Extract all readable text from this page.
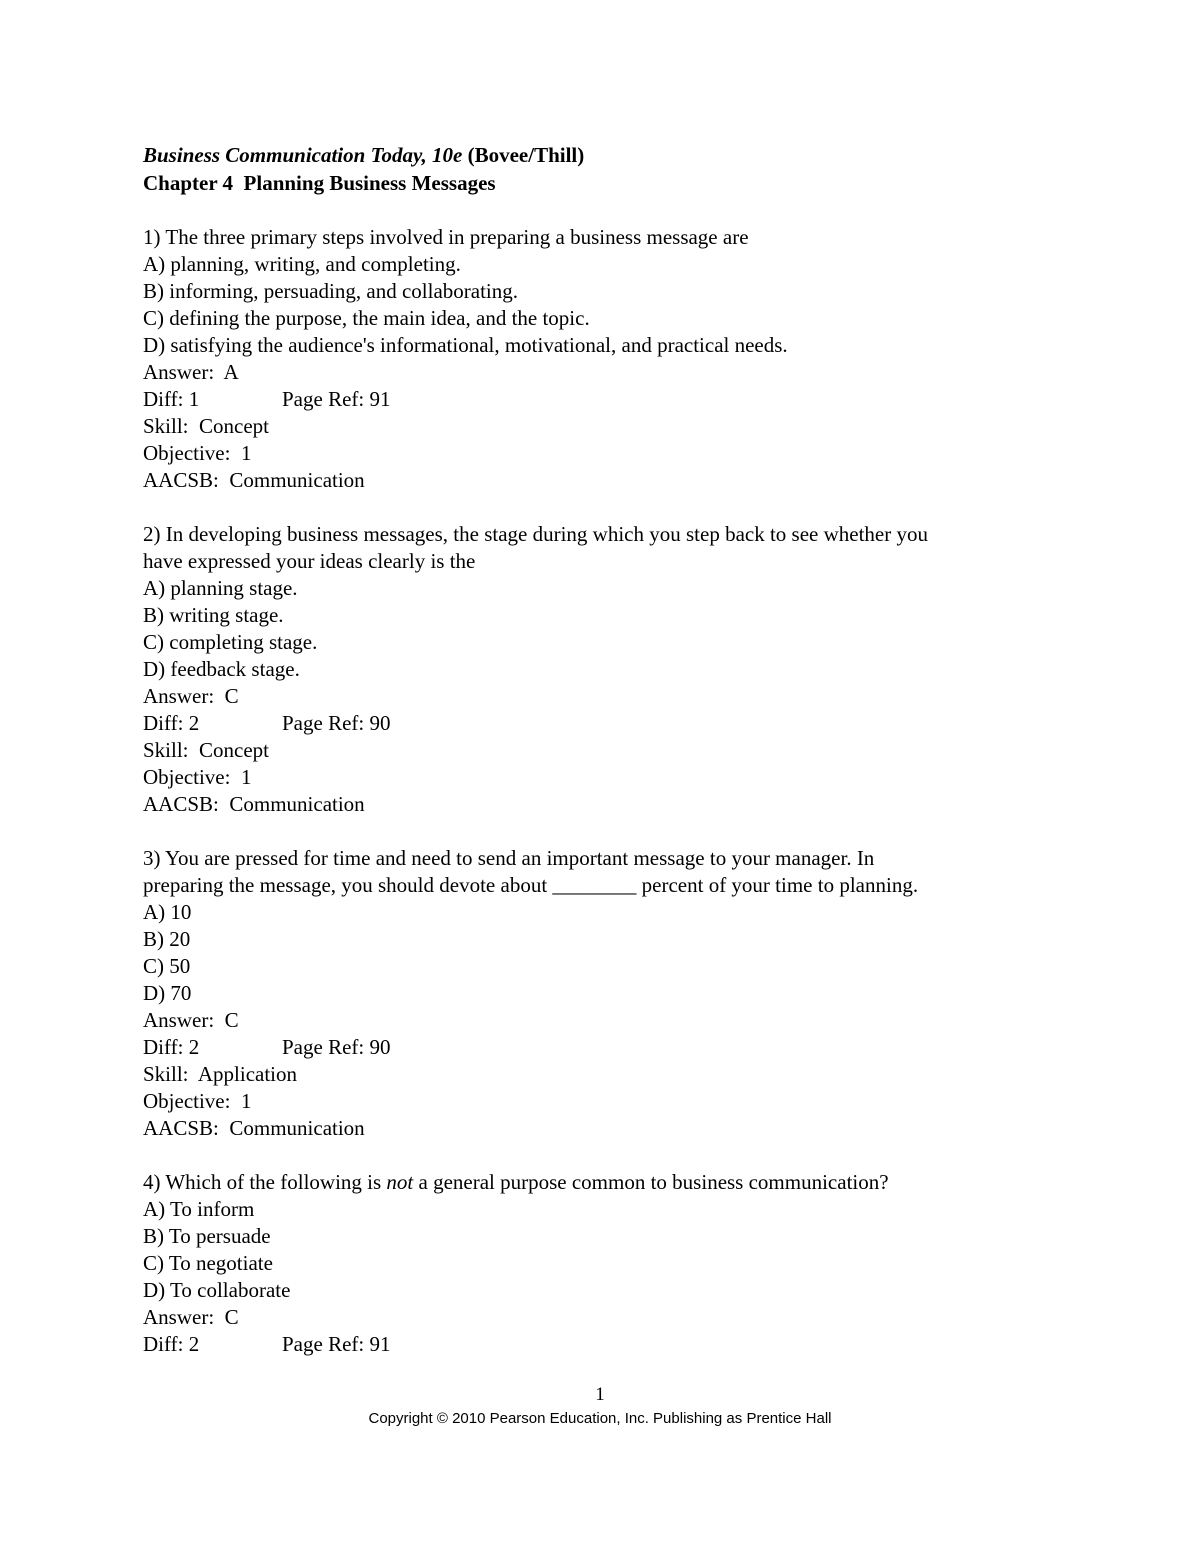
Business Communication Today, 10e (Bovee/Thill)
Chapter 4  Planning Business Messages
1) The three primary steps involved in preparing a business message are
A) planning, writing, and completing.
B) informing, persuading, and collaborating.
C) defining the purpose, the main idea, and the topic.
D) satisfying the audience's informational, motivational, and practical needs.
Answer:  A
Diff: 1	Page Ref: 91
Skill:  Concept
Objective:  1
AACSB:  Communication
2) In developing business messages, the stage during which you step back to see whether you
have expressed your ideas clearly is the
A) planning stage.
B) writing stage.
C) completing stage.
D) feedback stage.
Answer:  C
Diff: 2	Page Ref: 90
Skill:  Concept
Objective:  1
AACSB:  Communication
3) You are pressed for time and need to send an important message to your manager. In
preparing the message, you should devote about ________ percent of your time to planning.
A) 10
B) 20
C) 50
D) 70
Answer:  C
Diff: 2	Page Ref: 90
Skill:  Application
Objective:  1
AACSB:  Communication
4) Which of the following is not a general purpose common to business communication?
A) To inform
B) To persuade
C) To negotiate
D) To collaborate
Answer:  C
Diff: 2	Page Ref: 91
1
Copyright © 2010 Pearson Education, Inc. Publishing as Prentice Hall
